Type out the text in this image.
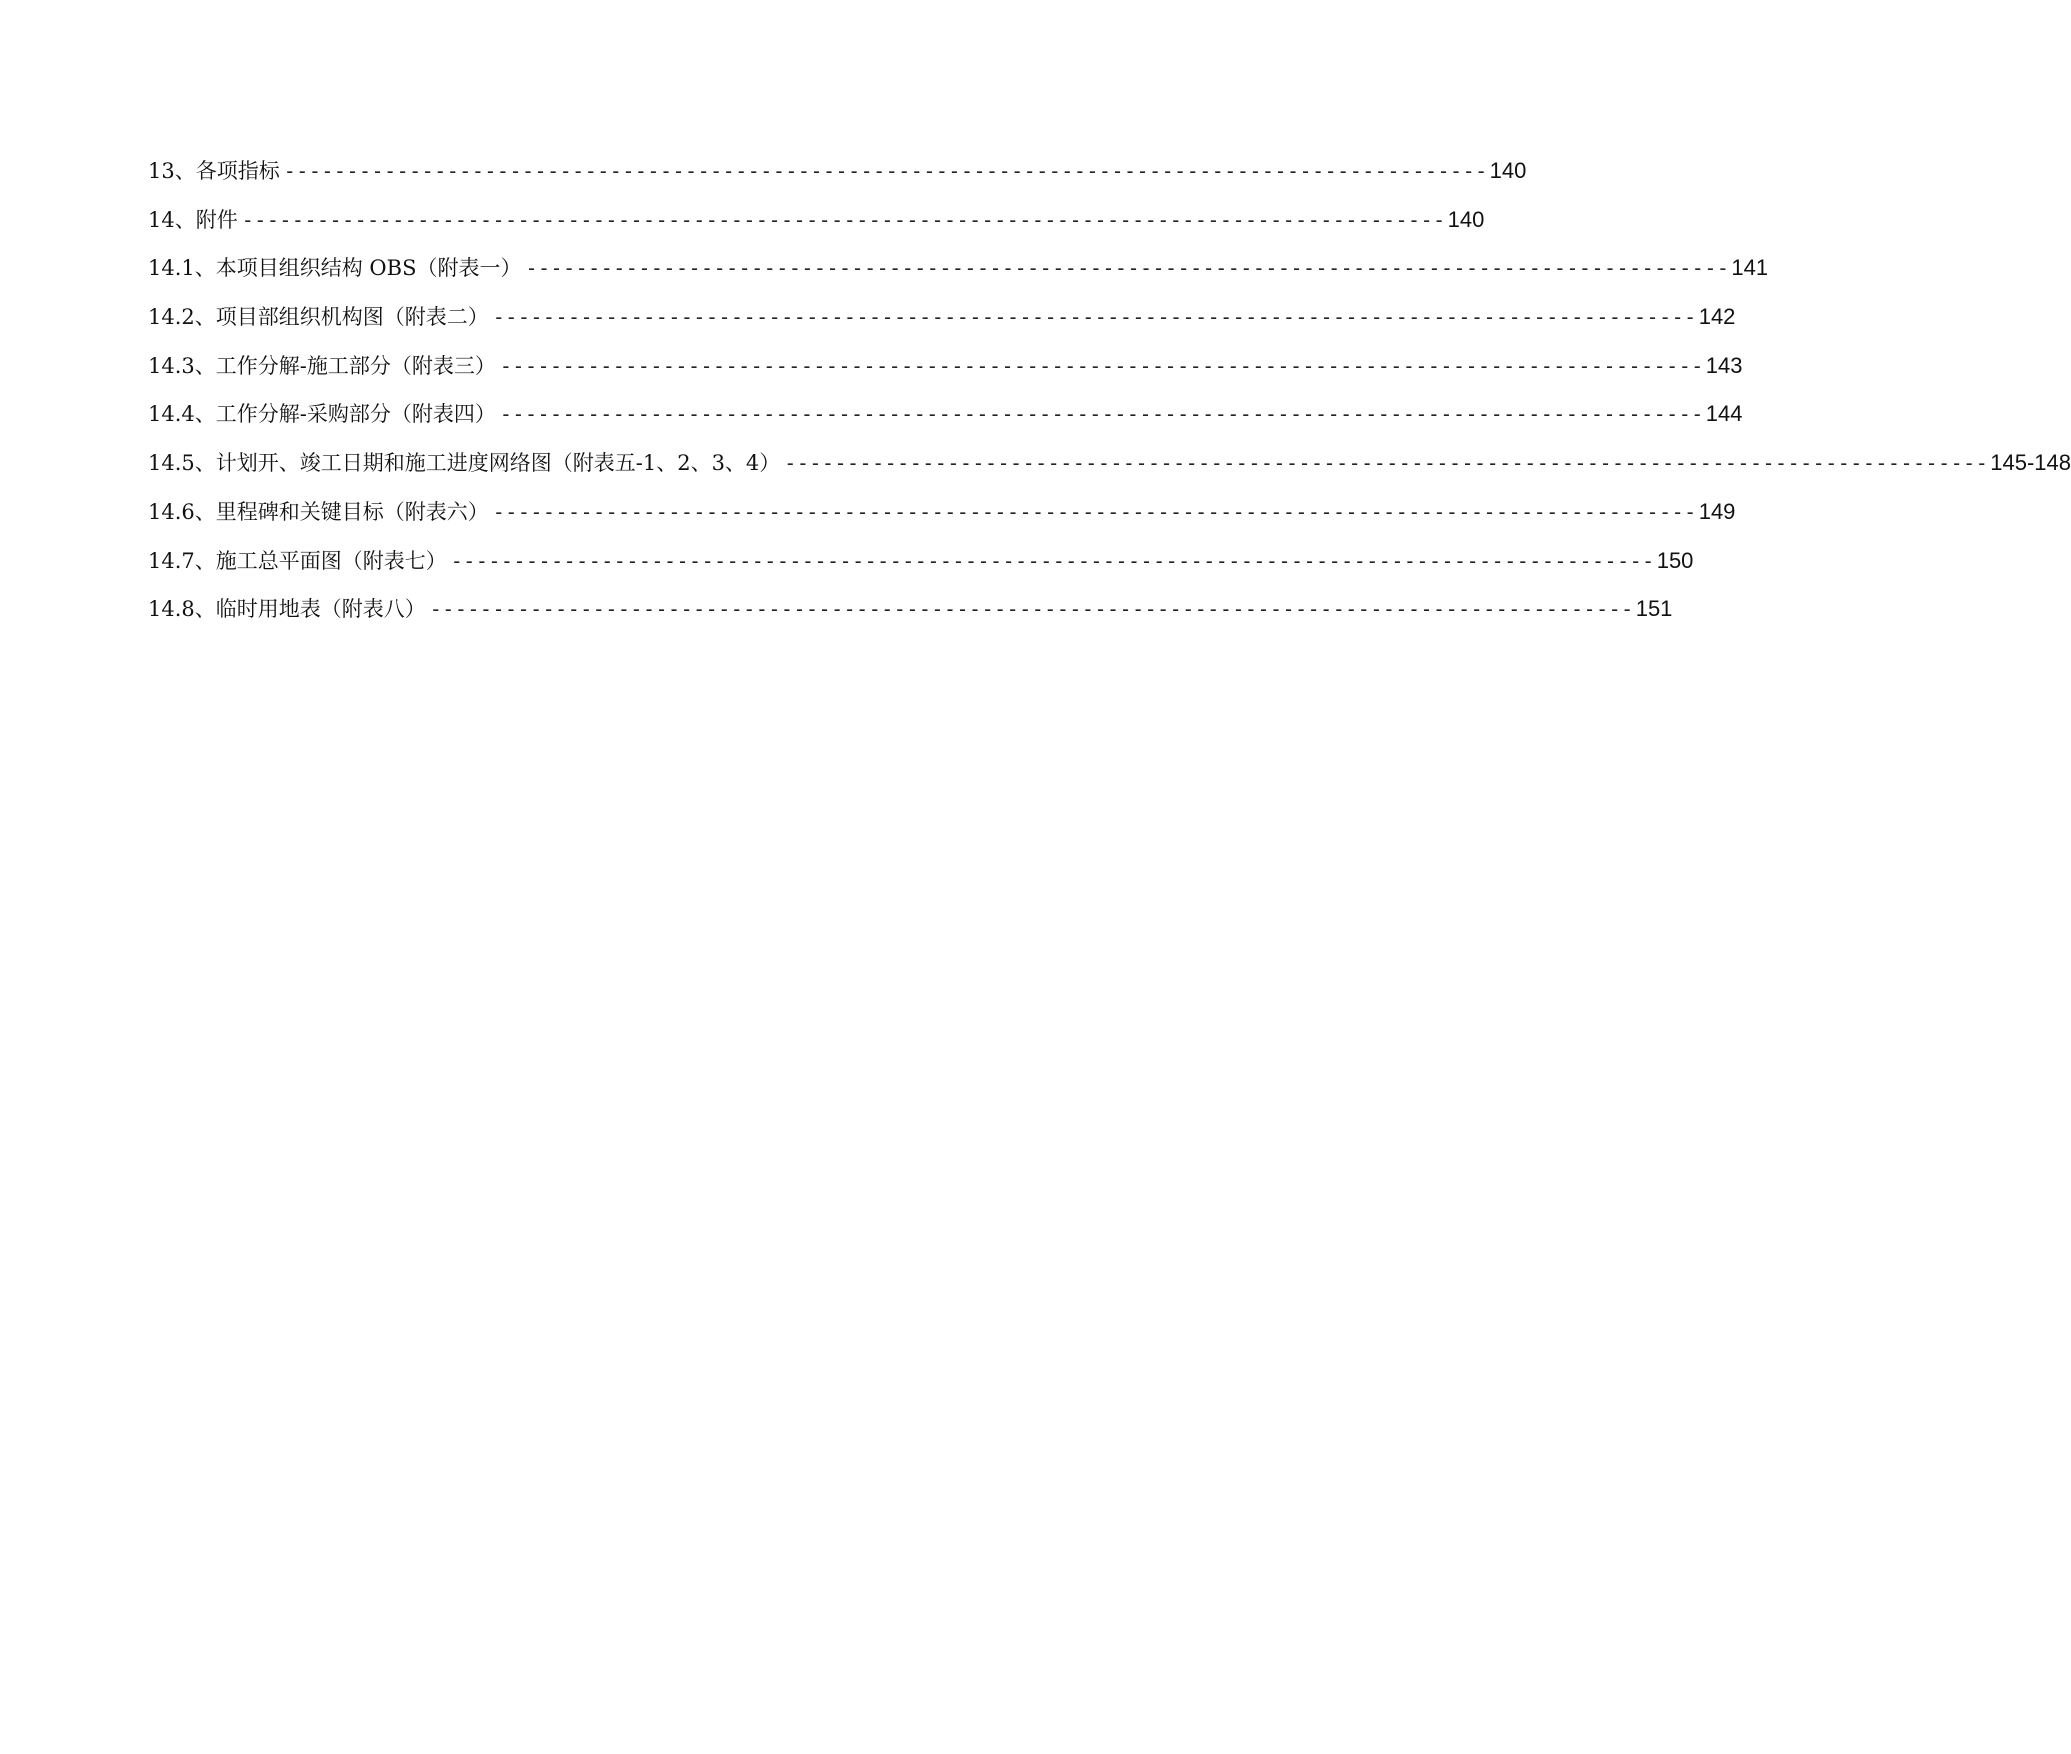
13、各项指标 ------------------------------------------------------------------------------------------------ 140
14、附件 ------------------------------------------------------------------------------------------------ 140
14.1、本项目组织结构 OBS（附表一） ------------------------------------------------------------------------------------------------ 141
14.2、项目部组织机构图（附表二） ------------------------------------------------------------------------------------------------ 142
14.3、工作分解-施工部分（附表三） ------------------------------------------------------------------------------------------------ 143
14.4、工作分解-采购部分（附表四） ------------------------------------------------------------------------------------------------ 144
14.5、计划开、竣工日期和施工进度网络图（附表五-1、2、3、4） ------------------------------------------------------------------------------------------------ 145-148
14.6、里程碑和关键目标（附表六） ------------------------------------------------------------------------------------------------ 149
14.7、施工总平面图（附表七） ------------------------------------------------------------------------------------------------ 150
14.8、临时用地表（附表八） ------------------------------------------------------------------------------------------------ 151
